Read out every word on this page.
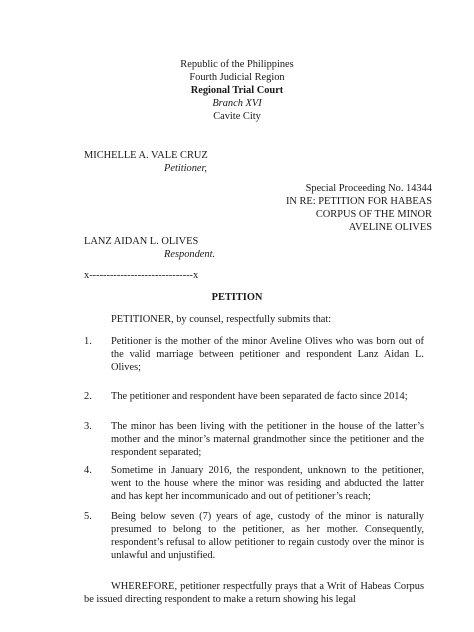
Republic of the Philippines
Fourth Judicial Region
Regional Trial Court
Branch XVI
Cavite City
MICHELLE A. VALE CRUZ
Petitioner,
Special Proceeding No. 14344
IN RE: PETITION FOR HABEAS
CORPUS OF THE MINOR
AVELINE OLIVES
LANZ AIDAN L. OLIVES
Respondent.
x------------------------------x
PETITION
PETITIONER, by counsel, respectfully submits that:
1. Petitioner is the mother of the minor Aveline Olives who was born out of the valid marriage between petitioner and respondent Lanz Aidan L. Olives;

2. The petitioner and respondent have been separated de facto since 2014;

3. The minor has been living with the petitioner in the house of the latter’s mother and the minor’s maternal grandmother since the petitioner and the respondent separated;

4. Sometime in January 2016, the respondent, unknown to the petitioner, went to the house where the minor was residing and abducted the latter and has kept her incommunicado and out of petitioner’s reach;

5. Being below seven (7) years of age, custody of the minor is naturally presumed to belong to the petitioner, as her mother. Consequently, respondent’s refusal to allow petitioner to regain custody over the minor is unlawful and unjustified.

WHEREFORE, petitioner respectfully prays that a Writ of Habeas Corpus be issued directing respondent to make a return showing his legal
